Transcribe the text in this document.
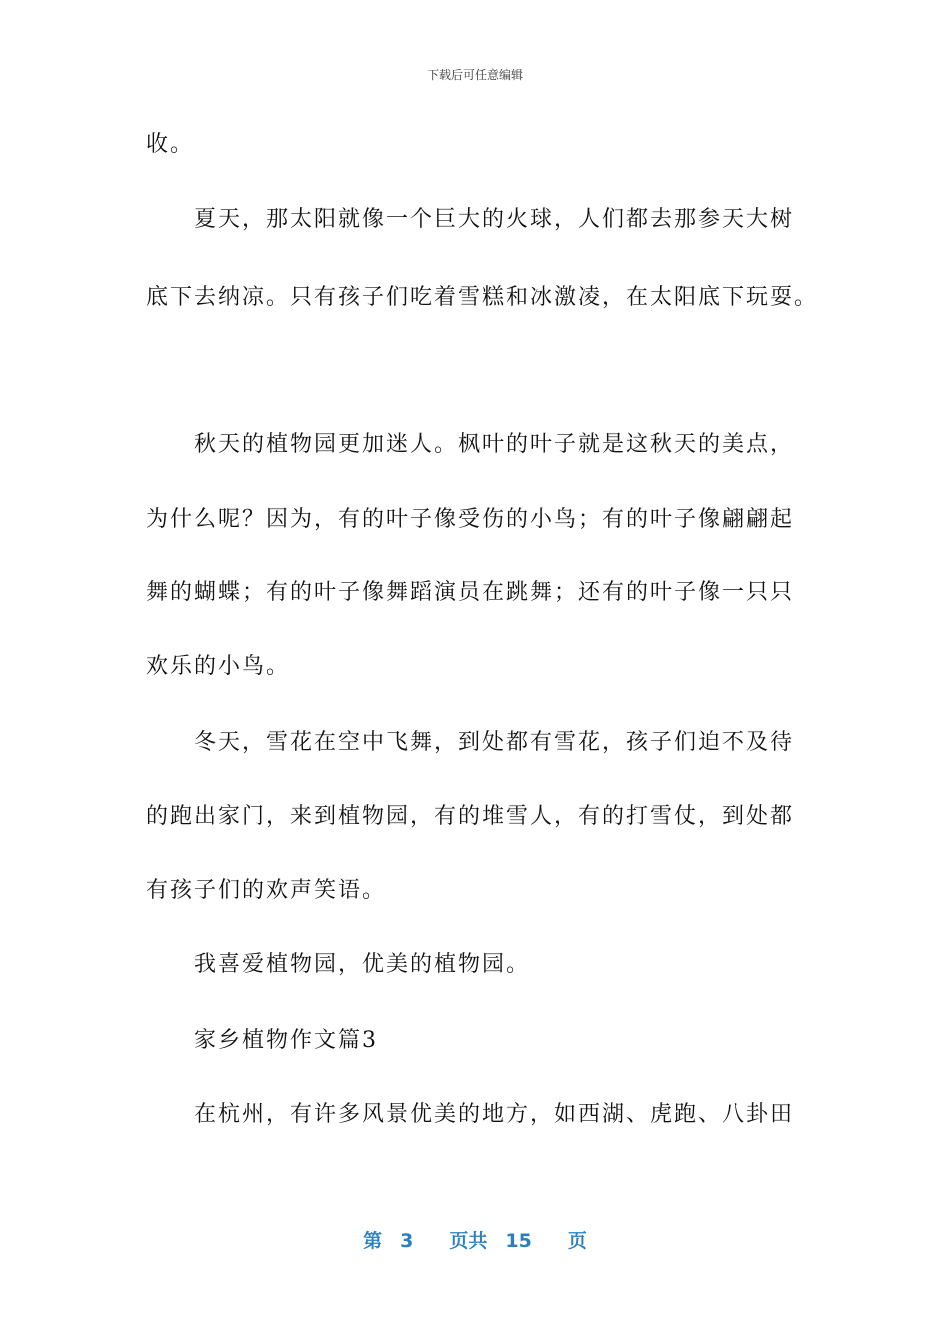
下载后可任意编辑
收。
夏天，那太阳就像一个巨大的火球，人们都去那参天大树
底下去纳凉。只有孩子们吃着雪糕和冰激凌，在太阳底下玩耍。
秋天的植物园更加迷人。枫叶的叶子就是这秋天的美点，
为什么呢？因为，有的叶子像受伤的小鸟；有的叶子像翩翩起
舞的蝴蝶；有的叶子像舞蹈演员在跳舞；还有的叶子像一只只
欢乐的小鸟。
冬天，雪花在空中飞舞，到处都有雪花，孩子们迫不及待
的跑出家门，来到植物园，有的堆雪人，有的打雪仗，到处都
有孩子们的欢声笑语。
我喜爱植物园，优美的植物园。
家乡植物作文篇3
在杭州，有许多风景优美的地方，如西湖、虎跑、八卦田
第 3 页共 15 页
